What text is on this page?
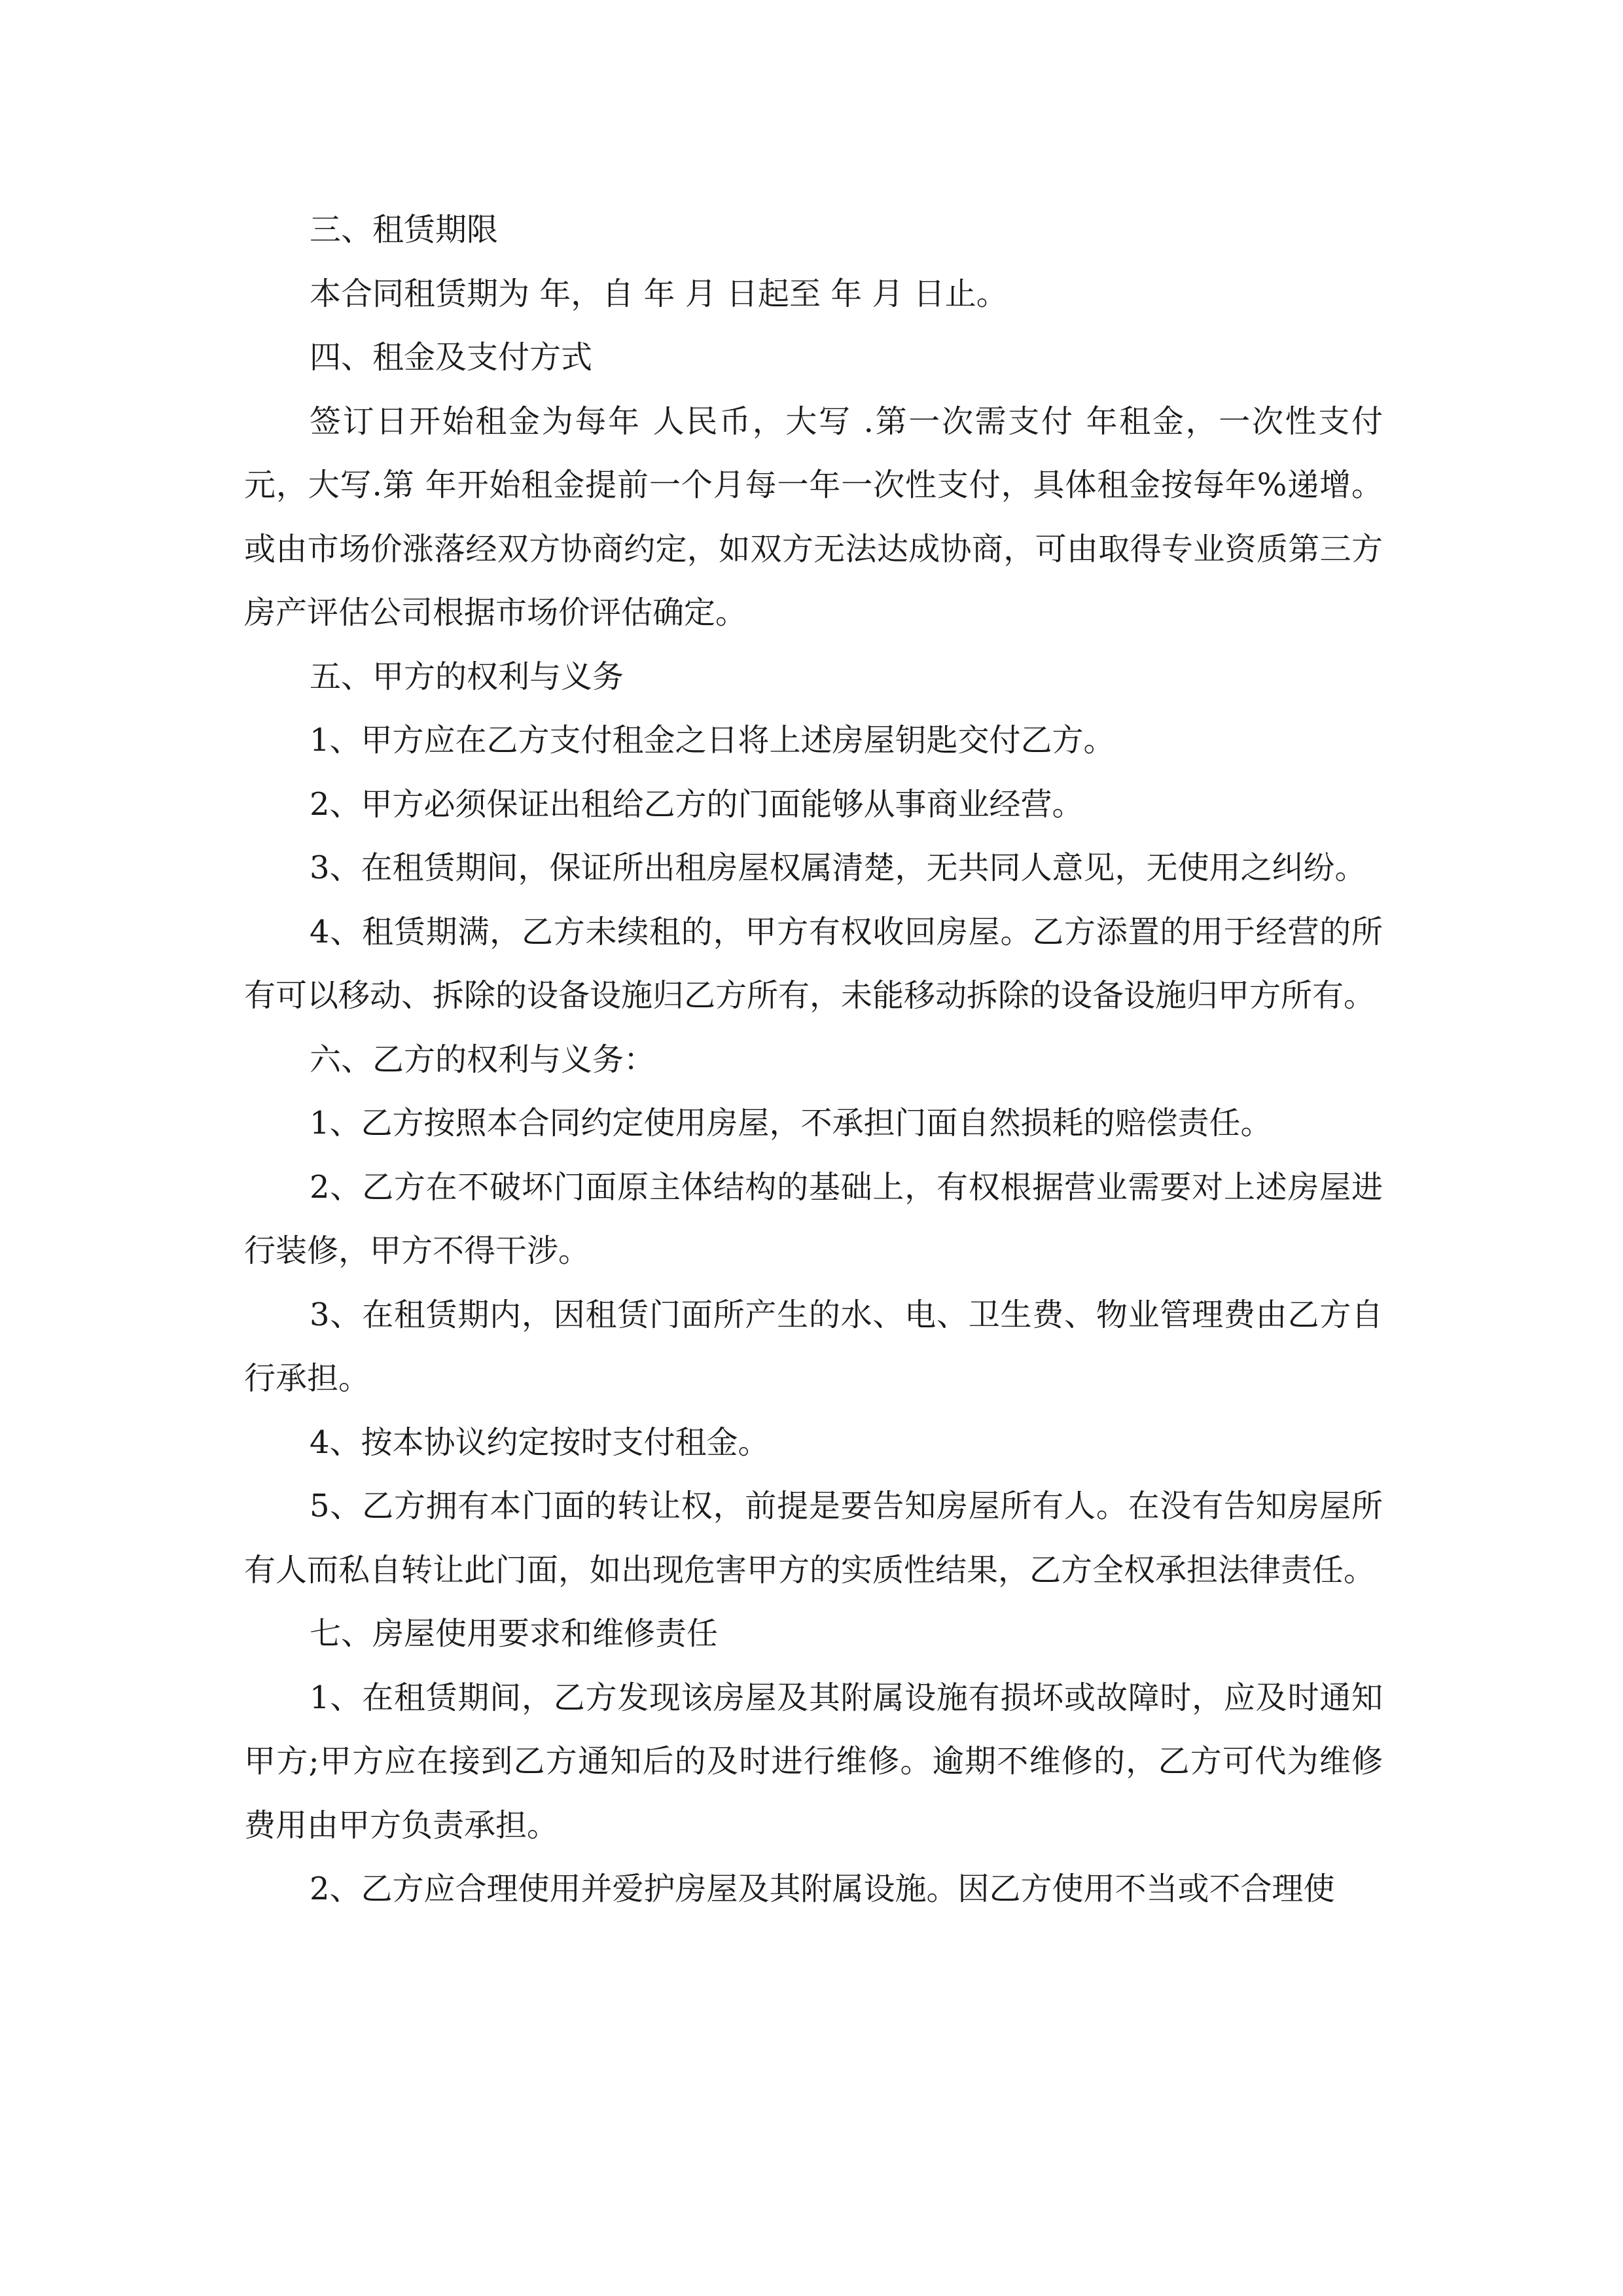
三、租赁期限

本合同租赁期为 年，自 年 月 日起至 年 月 日止。

四、租金及支付方式

签订日开始租金为每年 人民币，大写 .第一次需支付 年租金，一次性支付 元，大写.第 年开始租金提前一个月每一年一次性支付，具体租金按每年%递增。或由市场价涨落经双方协商约定，如双方无法达成协商，可由取得专业资质第三方房产评估公司根据市场价评估确定。

五、甲方的权利与义务

1、甲方应在乙方支付租金之日将上述房屋钥匙交付乙方。

2、甲方必须保证出租给乙方的门面能够从事商业经营。

3、在租赁期间，保证所出租房屋权属清楚，无共同人意见，无使用之纠纷。

4、租赁期满，乙方未续租的，甲方有权收回房屋。乙方添置的用于经营的所有可以移动、拆除的设备设施归乙方所有，未能移动拆除的设备设施归甲方所有。

六、乙方的权利与义务：

1、乙方按照本合同约定使用房屋，不承担门面自然损耗的赔偿责任。

2、乙方在不破坏门面原主体结构的基础上，有权根据营业需要对上述房屋进行装修，甲方不得干涉。

3、在租赁期内，因租赁门面所产生的水、电、卫生费、物业管理费由乙方自行承担。

4、按本协议约定按时支付租金。

5、乙方拥有本门面的转让权，前提是要告知房屋所有人。在没有告知房屋所有人而私自转让此门面，如出现危害甲方的实质性结果，乙方全权承担法律责任。

七、房屋使用要求和维修责任

1、在租赁期间，乙方发现该房屋及其附属设施有损坏或故障时，应及时通知甲方;甲方应在接到乙方通知后的及时进行维修。逾期不维修的，乙方可代为维修费用由甲方负责承担。

2、乙方应合理使用并爱护房屋及其附属设施。因乙方使用不当或不合理使
